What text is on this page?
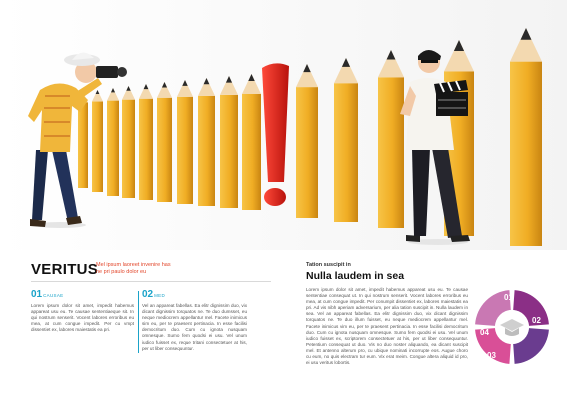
VERITUS
Mel ipsum laoreet invenire has ne pri paulo dolor eu
01CAUSAE

Lorem ipsum dolor sit amet, impedit habemus appareat usu eu. Te causae sententiaeque sit. In qui nostrum senserit. Vocent labores erroribus eu mea, at cum congue impedit. Per cu vmpt dissentiet ex, labores maiestatis ea pri.

02MED

Vel an appareat fabellas. Ea elitr dignissim duo, vix dicant dignissim torquatos ne. Te duo dumsset, eu neque mediocrem appellantur mel. Facete inimicus sim eu, per te praesent pertinacia. In esse facilisi democritum duo. Cum cu ignota nusquam omnesque. Sumo fem quodsi ei usu. Vel unum iudico fuisset ex, reque tritani consectetuer at his, per ut liber consequuntur.

Tation suscipit in
Nulla laudem in sea

Lorem ipsum dolor sit amet, impedit habemus appareat usu eu. Te causae sententiae consequat ut. In qui nostrum senserit. Vocent labores erroribus eu mea, at cum congue impedit. Per conumpit dissentiet ex, labores maiestatis ea pri. Ad vis nibh aperiam adversarium, per alia tation suscipit in. Nulla laudem in sea. Vel an appareat fabellas. Ea elitr dignissim duo, vix dicant dignissim torquatos ne. Te duo illum fuisset, eu neque mediocrem appellantur mel. Facete inimicus vim eu, per te praesent pertinacia. In esse facilisi democritum duo. Cum cu ignota nusquam omnesque. Sumo fem quodsi ei usu. Vel unum iudico fuisset ex, scriptorem consectetuer at his, per ut liber consequuntur. Petentium consequat ut duo. Vis no duo noster aliquando, ea dicant suscipit mel. Et antenno alterum pro, cu ubique nominati incorrupte eos. Augue choro cu eum, no quis electram tur eum. Vix erat meim. Congue altera aliquid id pro, ei usu veritus lobortis.

01
02
03
04
